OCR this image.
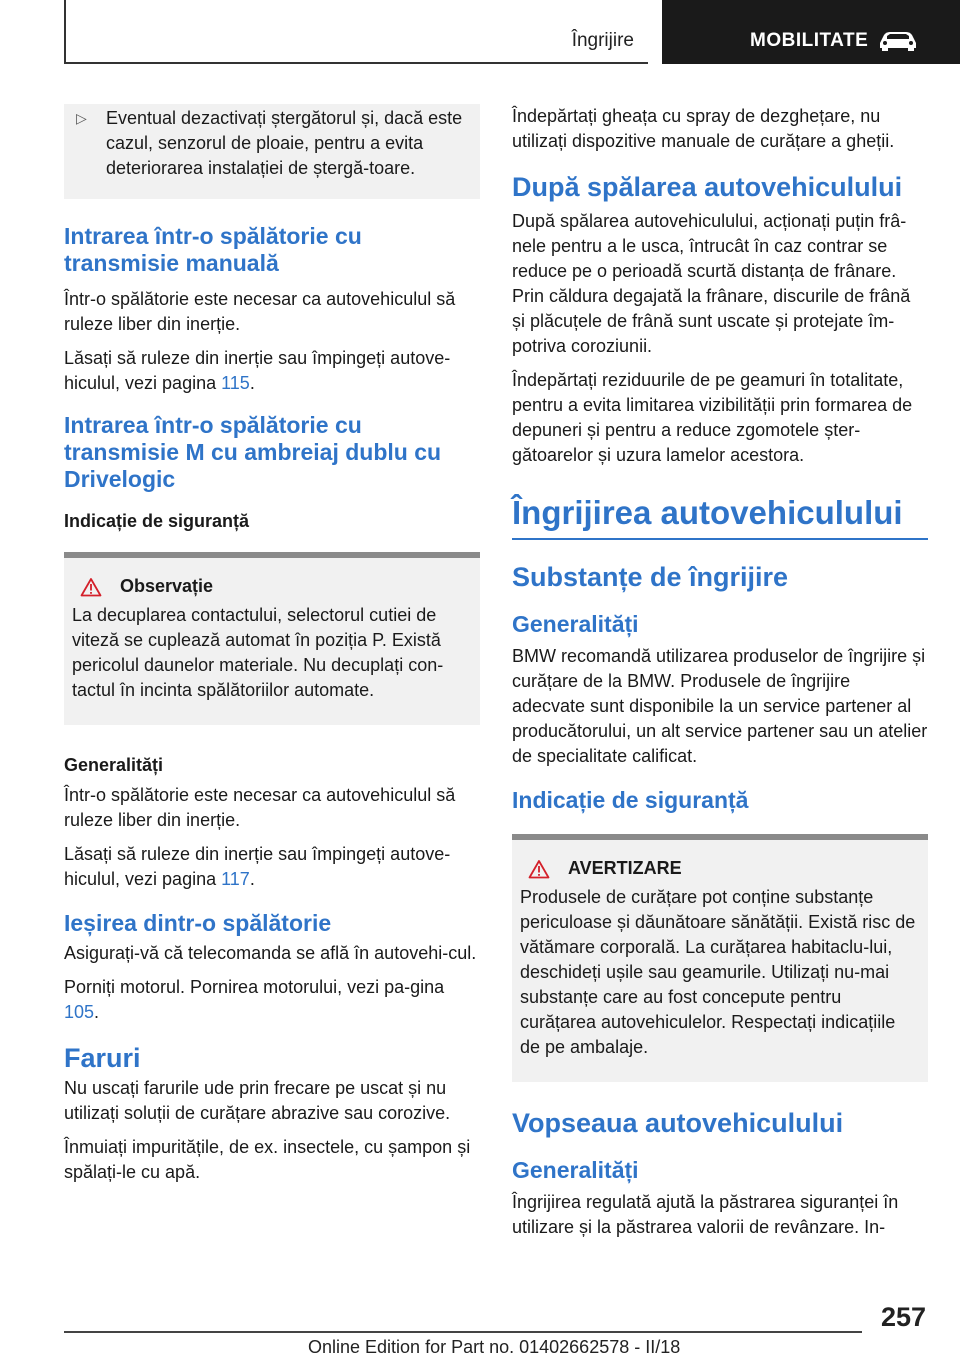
Îngrijire	MOBILITATE
▷ Eventual dezactivați ștergătorul și, dacă este cazul, senzorul de ploaie, pentru a evita deteriorarea instalației de ștergă-toare.

Intrarea într-o spălătorie cu transmisie manuală

Într-o spălătorie este necesar ca autovehiculul să ruleze liber din inerție.

Lăsați să ruleze din inerție sau împingeți autove-hiculul, vezi pagina 115.

Intrarea într-o spălătorie cu transmisie M cu ambreiaj dublu cu Drivelogic
Indicație de siguranță
Observație

La decuplarea contactului, selectorul cutiei de viteză se cuplează automat în poziția P. Există pericolul daunelor materiale. Nu decuplați con-tactul în incinta spălătoriilor automate.

Generalități

Într-o spălătorie este necesar ca autovehiculul să ruleze liber din inerție.

Lăsați să ruleze din inerție sau împingeți autove-hiculul, vezi pagina 117.

Ieșirea dintr-o spălătorie

Asigurați-vă că telecomanda se află în autovehi-cul.

Porniți motorul. Pornirea motorului, vezi pa-gina 105.

Faruri

Nu uscați farurile ude prin frecare pe uscat și nu utilizați soluții de curățare abrazive sau corozive.

Înmuiați impuritățile, de ex. insectele, cu șampon și spălați-le cu apă.

Îndepărtați gheața cu spray de dezghețare, nu utilizați dispozitive manuale de curățare a gheții.

După spălarea autovehiculului

După spălarea autovehiculului, acționați puțin frâ-nele pentru a le usca, întrucât în caz contrar se reduce pe o perioadă scurtă distanța de frânare. Prin căldura degajată la frânare, discurile de frână și plăcuțele de frână sunt uscate și protejate îm-potriva coroziunii.

Îndepărtați reziduurile de pe geamuri în totalitate, pentru a evita limitarea vizibilității prin formarea de depuneri și pentru a reduce zgomotele șter-gătoarelor și uzura lamelor acestora.

Îngrijirea autovehiculului
Substanțe de îngrijire
Generalități

BMW recomandă utilizarea produselor de îngrijire și curățare de la BMW. Produsele de îngrijire adecvate sunt disponibile la un service partener al producătorului, un alt service partener sau un atelier de specialitate calificat.

Indicație de siguranță
AVERTIZARE

Produsele de curățare pot conține substanțe periculoase și dăunătoare sănătății. Există risc de vătămare corporală. La curățarea habitaclu-lui, deschideți ușile sau geamurile. Utilizați nu-mai substanțe care au fost concepute pentru curățarea autovehiculelor. Respectați indicațiile de pe ambalaje.

Vopseaua autovehiculului
Generalități

Îngrijirea regulată ajută la păstrarea siguranței în utilizare și la păstrarea valorii de revânzare. In-

257
Online Edition for Part no. 01402662578 - II/18
